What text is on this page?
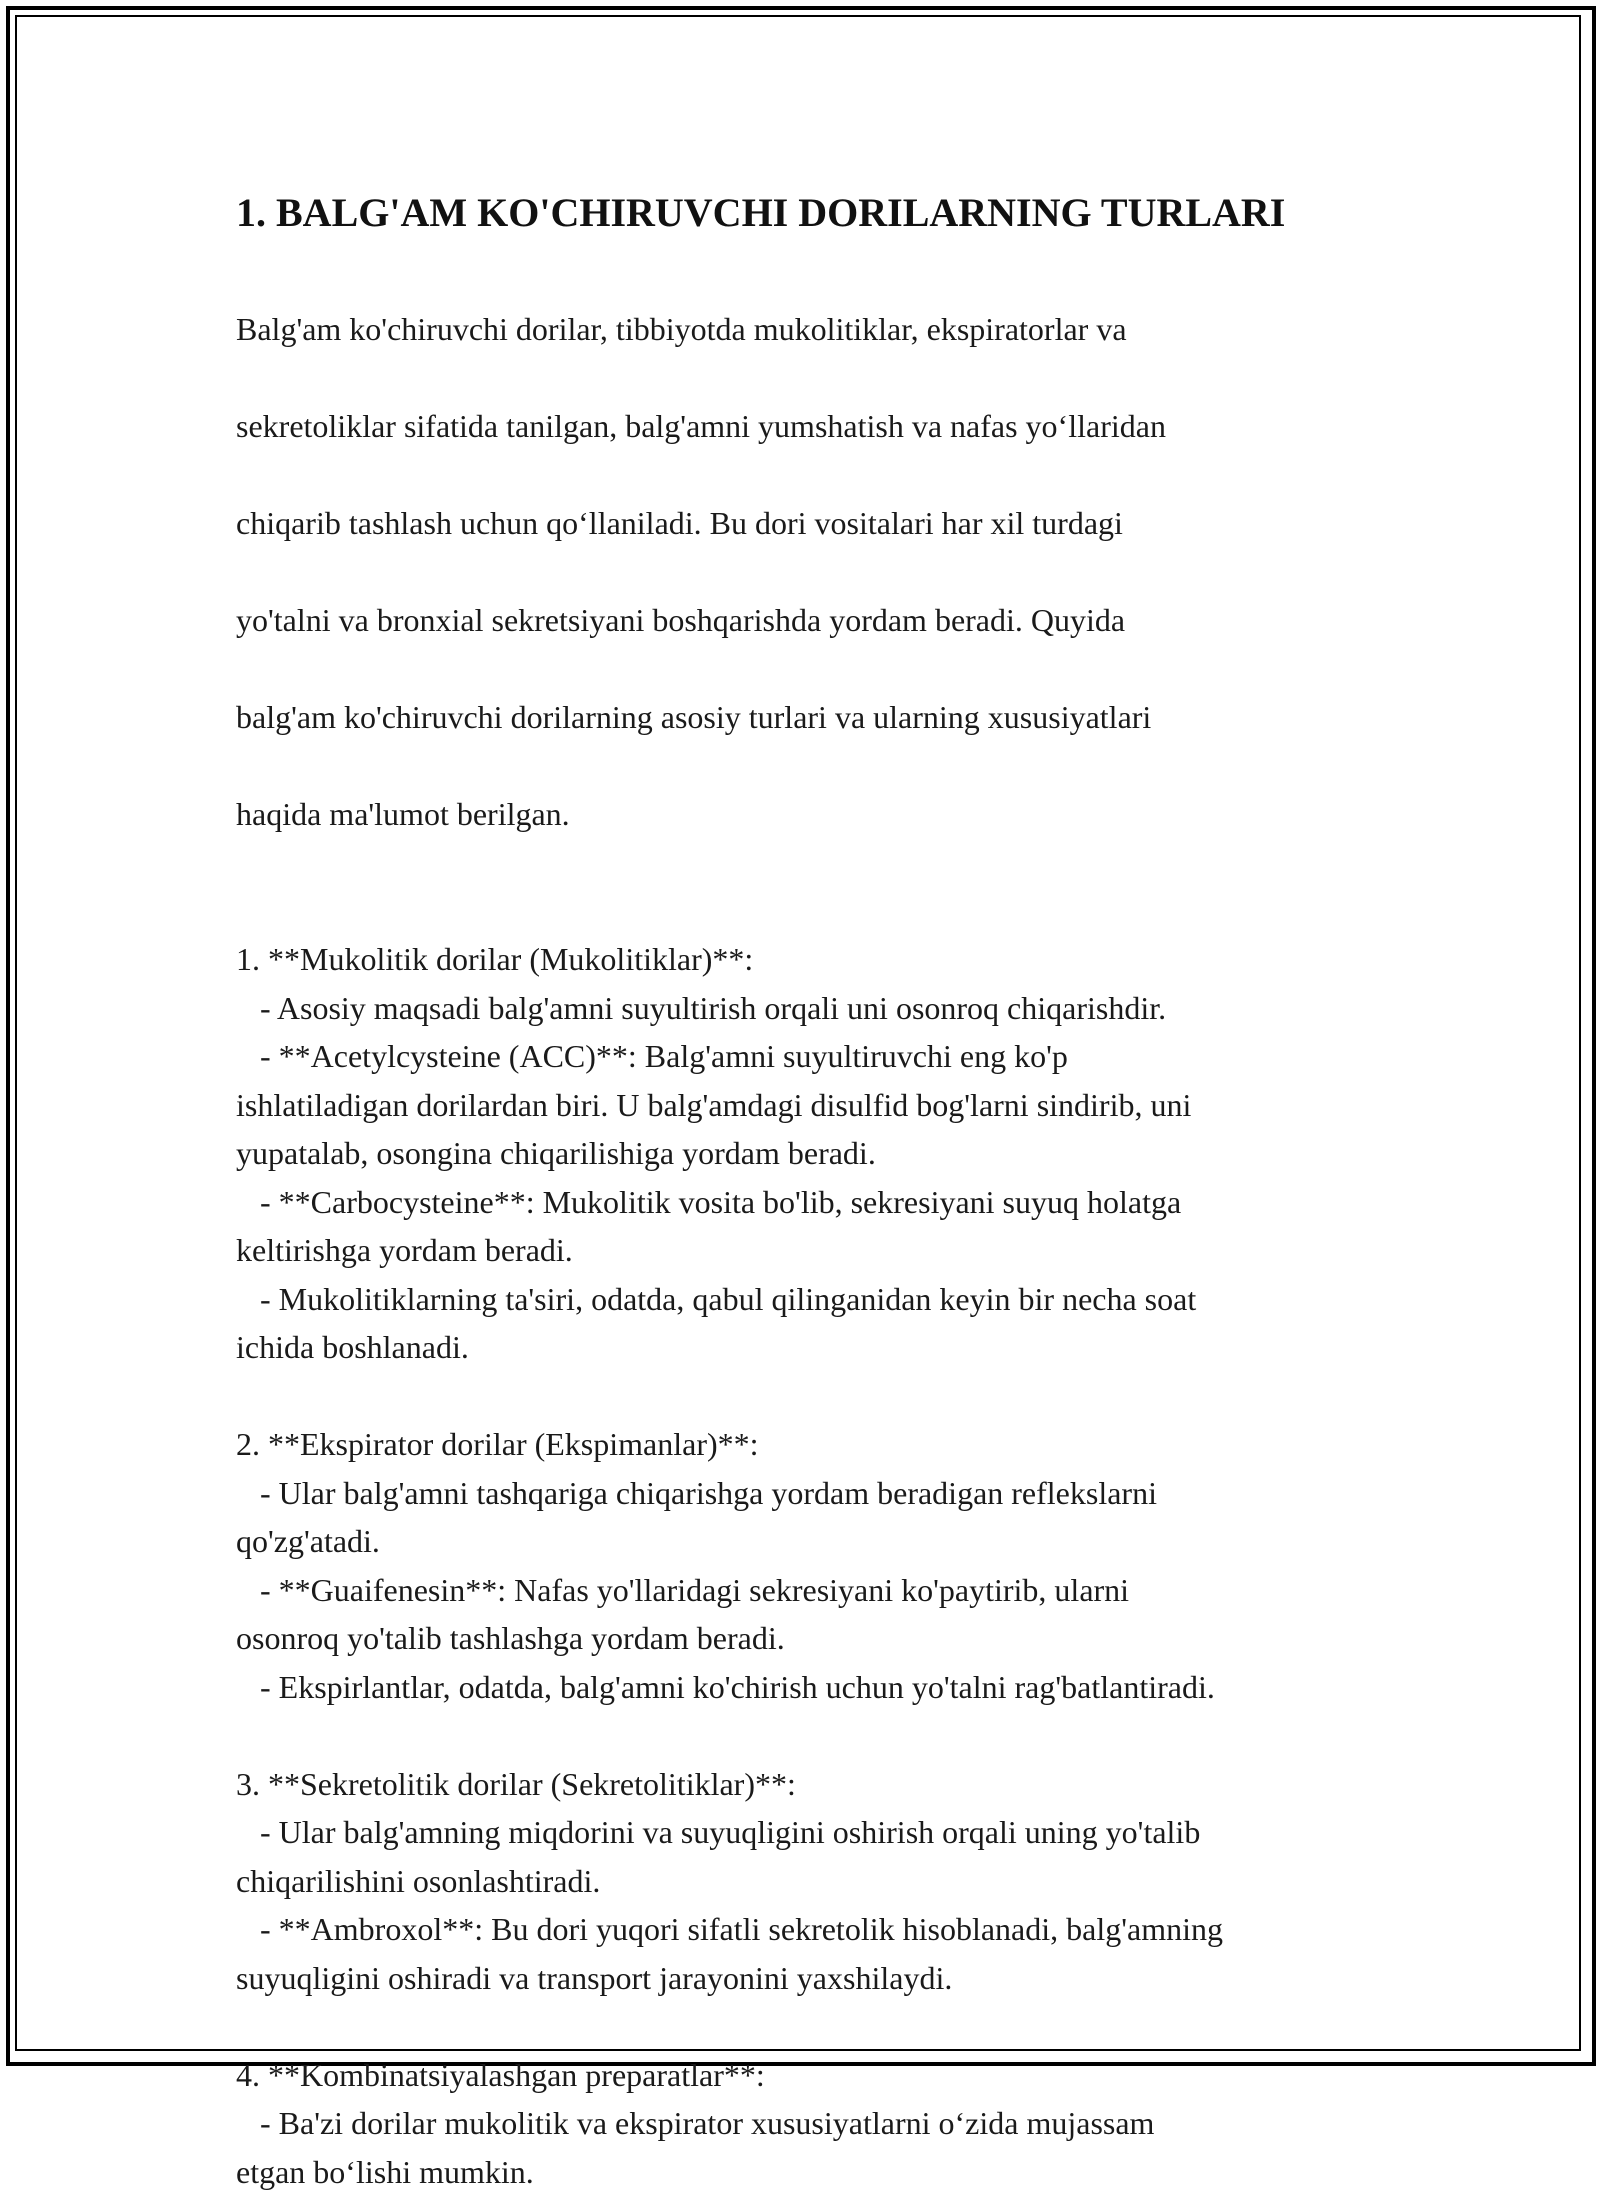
1. BALG'AM KO'CHIRUVCHI DORILARNING TURLARI

Balg'am ko'chiruvchi dorilar, tibbiyotda mukolitiklar, ekspiratorlar va

sekretoliklar sifatida tanilgan, balg'amni yumshatish va nafas yo‘llaridan

chiqarib tashlash uchun qo‘llaniladi. Bu dori vositalari har xil turdagi

yo'talni va bronxial sekretsiyani boshqarishda yordam beradi. Quyida

balg'am ko'chiruvchi dorilarning asosiy turlari va ularning xususiyatlari

haqida ma'lumot berilgan.

1. **Mukolitik dorilar (Mukolitiklar)**:
- Asosiy maqsadi balg'amni suyultirish orqali uni osonroq chiqarishdir.
- **Acetylcysteine (ACC)**: Balg'amni suyultiruvchi eng ko'p
ishlatiladigan dorilardan biri. U balg'amdagi disulfid bog'larni sindirib, uni
yupatalab, osongina chiqarilishiga yordam beradi.
- **Carbocysteine**: Mukolitik vosita bo'lib, sekresiyani suyuq holatga
keltirishga yordam beradi.
- Mukolitiklarning ta'siri, odatda, qabul qilinganidan keyin bir necha soat
ichida boshlanadi.
2. **Ekspirator dorilar (Ekspimanlar)**:
- Ular balg'amni tashqariga chiqarishga yordam beradigan reflekslarni
qo'zg'atadi.
- **Guaifenesin**: Nafas yo'llaridagi sekresiyani ko'paytirib, ularni
osonroq yo'talib tashlashga yordam beradi.
- Ekspirlantlar, odatda, balg'amni ko'chirish uchun yo'talni rag'batlantiradi.
3. **Sekretolitik dorilar (Sekretolitiklar)**:
- Ular balg'amning miqdorini va suyuqligini oshirish orqali uning yo'talib
chiqarilishini osonlashtiradi.
- **Ambroxol**: Bu dori yuqori sifatli sekretolik hisoblanadi, balg'amning
suyuqligini oshiradi va transport jarayonini yaxshilaydi.
4. **Kombinatsiyalashgan preparatlar**:
- Ba'zi dorilar mukolitik va ekspirator xususiyatlarni o‘zida mujassam
etgan bo‘lishi mumkin.
